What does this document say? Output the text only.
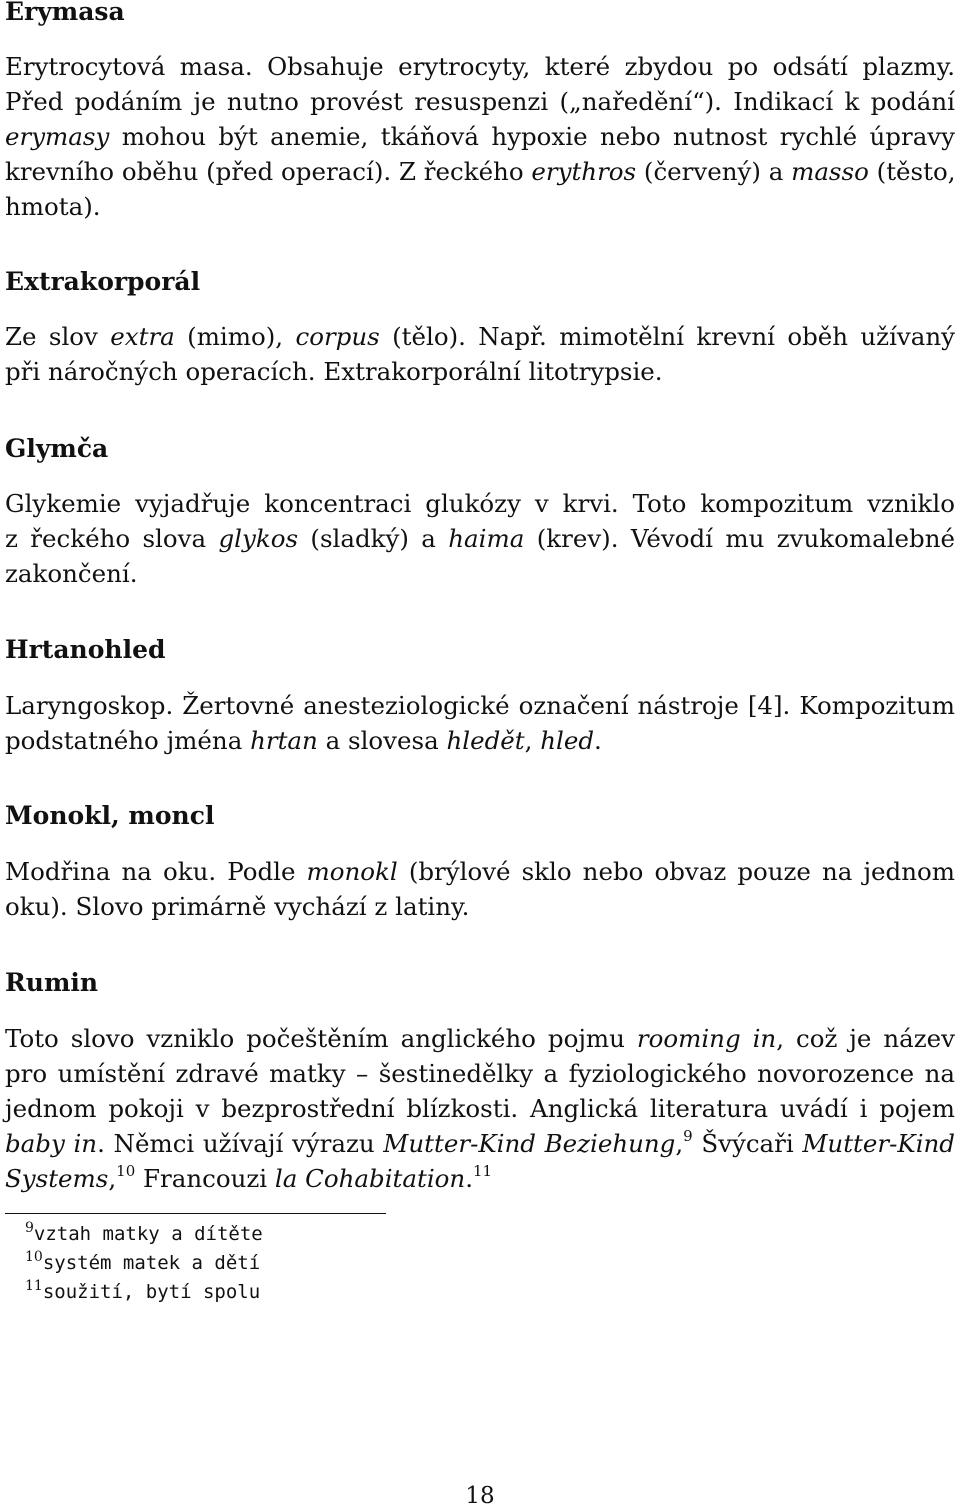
Erymasa
Erytrocytová masa. Obsahuje erytrocyty, které zbydou po odsátí plazmy.
Před podáním je nutno provést resuspenzi („naředění“). Indikací k podání
erymasy mohou být anemie, tkáňová hypoxie nebo nutnost rychlé úpravy
krevního oběhu (před operací). Z řeckého erythros (červený) a masso (těsto,
hmota).
Extrakorporál
Ze slov extra (mimo), corpus (tělo). Např. mimotělní krevní oběh užívaný
při náročných operacích. Extrakorporální litotrypsie.
Glymča
Glykemie vyjadřuje koncentraci glukózy v krvi. Toto kompozitum vzniklo
z řeckého slova glykos (sladký) a haima (krev). Vévodí mu zvukomalebné
zakončení.
Hrtanohled
Laryngoskop. Žertovné anesteziologické označení nástroje [4]. Kompozitum
podstatného jména hrtan a slovesa hledět, hled.
Monokl, moncl
Modřina na oku. Podle monokl (brýlové sklo nebo obvaz pouze na jednom
oku). Slovo primárně vychází z latiny.
Rumin
Toto slovo vzniklo počeštěním anglického pojmu rooming in, což je název
pro umístění zdravé matky – šestinedělky a fyziologického novorozence na
jednom pokoji v bezprostřední blízkosti. Anglická literatura uvádí i pojem
baby in. Němci užívají výrazu Mutter-Kind Beziehung,$^9$ Švýcaři Mutter-Kind
Systems,$^{10}$ Francouzi la Cohabitation.$^{11}$
$^9$vztah matky a dítěte
$^{10}$systém matek a dětí
$^{11}$soužití, bytí spolu
18
